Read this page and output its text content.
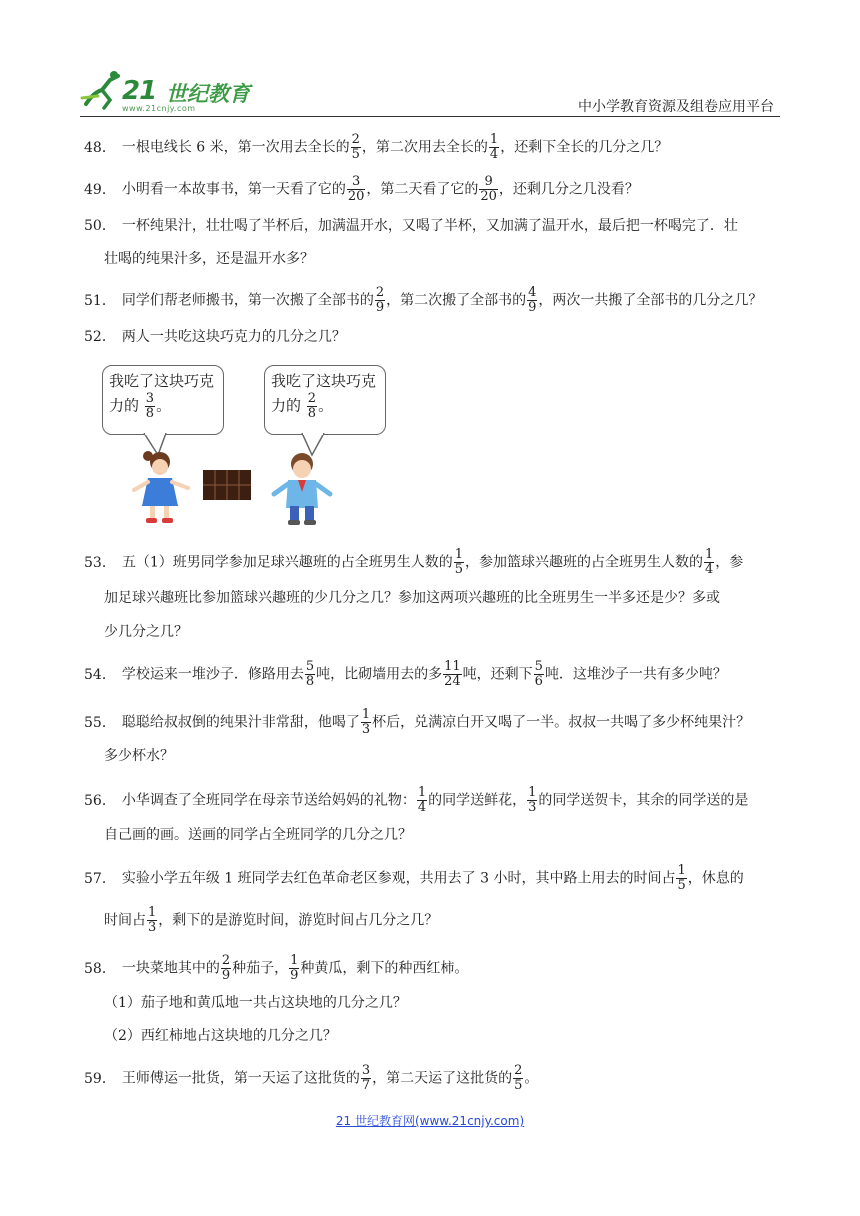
21 世纪教育
www.21cnjy.com	中小学教育资源及组卷应用平台
48． 一根电线长 6 米，第一次用去全长的 $\frac{2}{5}$ ，第二次用去全长的 $\frac{1}{4}$ ，还剩下全长的几分之几？
49． 小明看一本故事书，第一天看了它的 $\frac{3}{20}$ ，第二天看了它的 $\frac{9}{20}$ ，还剩几分之几没看？
50． 一杯纯果汁，壮壮喝了半杯后，加满温开水，又喝了半杯，又加满了温开水，最后把一杯喝完了．壮
壮喝的纯果汁多，还是温开水多？
51． 同学们帮老师搬书，第一次搬了全部书的 $\frac{2}{9}$ ，第二次搬了全部书的 $\frac{4}{9}$ ，两次一共搬了全部书的几分之几？
52． 两人一共吃这块巧克力的几分之几？
我吃了这块巧克
力的 $\frac{3}{8}$ 。
我吃了这块巧克
力的 $\frac{2}{8}$ 。
53． 五（1）班男同学参加足球兴趣班的占全班男生人数的 $\frac{1}{5}$ ，参加篮球兴趣班的占全班男生人数的 $\frac{1}{4}$ ，参
加足球兴趣班比参加篮球兴趣班的少几分之几？参加这两项兴趣班的比全班男生一半多还是少？多或
少几分之几？
54． 学校运来一堆沙子．修路用去 $\frac{5}{8}$ 吨，比砌墙用去的多 $\frac{11}{24}$ 吨，还剩下 $\frac{5}{6}$ 吨．这堆沙子一共有多少吨？
55． 聪聪给叔叔倒的纯果汁非常甜，他喝了 $\frac{1}{3}$ 杯后，兑满凉白开又喝了一半。叔叔一共喝了多少杯纯果汁？
多少杯水？
56． 小华调查了全班同学在母亲节送给妈妈的礼物： $\frac{1}{4}$ 的同学送鲜花， $\frac{1}{3}$ 的同学送贺卡，其余的同学送的是
自己画的画。送画的同学占全班同学的几分之几？
57． 实验小学五年级 1 班同学去红色革命老区参观，共用去了 3 小时，其中路上用去的时间占 $\frac{1}{5}$ ，休息的
时间占 $\frac{1}{3}$ ，剩下的是游览时间，游览时间占几分之几？
58． 一块菜地其中的 $\frac{2}{9}$ 种茄子， $\frac{1}{9}$ 种黄瓜，剩下的种西红柿。
（1）茄子地和黄瓜地一共占这块地的几分之几？
（2）西红柿地占这块地的几分之几？
59． 王师傅运一批货，第一天运了这批货的 $\frac{3}{7}$ ，第二天运了这批货的 $\frac{2}{5}$ 。
21 世纪教育网(www.21cnjy.com)
